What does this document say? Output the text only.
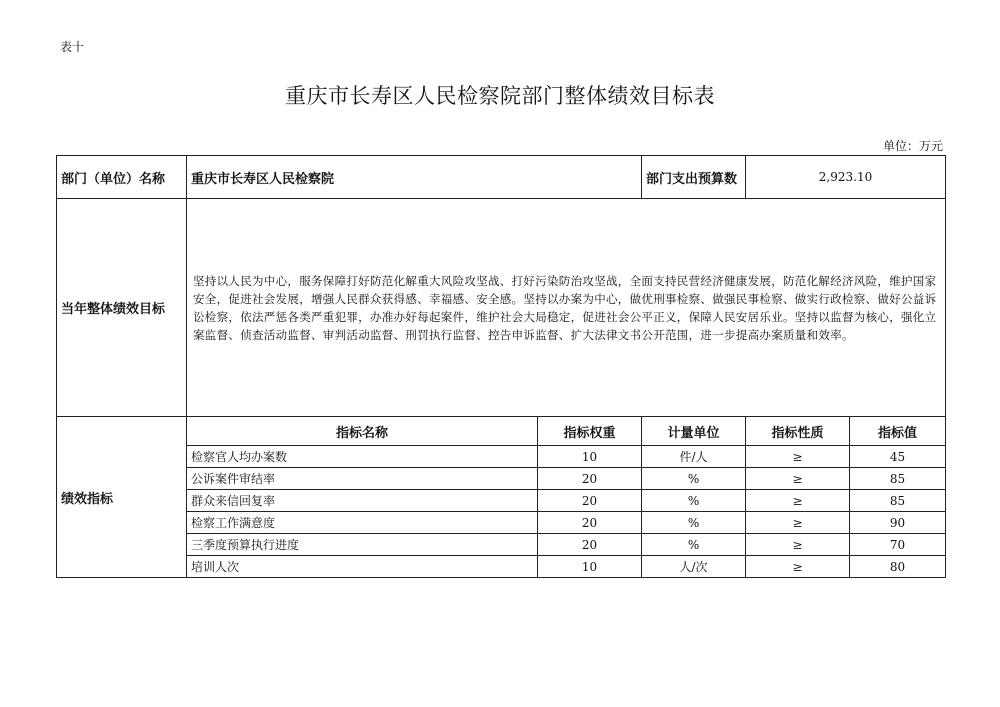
表十
重庆市长寿区人民检察院部门整体绩效目标表
单位：万元
部门（单位）名称	重庆市长寿区人民检察院		部门支出预算数	2,923.10	
当年整体绩效目标	坚持以人民为中心，服务保障打好防范化解重大风险攻坚战、打好污染防治攻坚战，全面支持民营经济健康发展，防范化解经济风险，维护国家安全，促进社会发展，增强人民群众获得感、幸福感、安全感。坚持以办案为中心，做优刑事检察、做强民事检察、做实行政检察、做好公益诉讼检察，依法严惩各类严重犯罪，办准办好每起案件，维护社会大局稳定，促进社会公平正义，保障人民安居乐业。坚持以监督为核心，强化立案监督、侦查活动监督、审判活动监督、刑罚执行监督、控告申诉监督、扩大法律文书公开范围，进一步提高办案质量和效率。				
绩效指标	指标名称	指标权重	计量单位	指标性质	指标值
	检察官人均办案数	10	件/人	≥	45
	公诉案件审结率	20	%	≥	85
	群众来信回复率	20	%	≥	85
	检察工作满意度	20	%	≥	90
	三季度预算执行进度	20	%	≥	70
	培训人次	10	人/次	≥	80
